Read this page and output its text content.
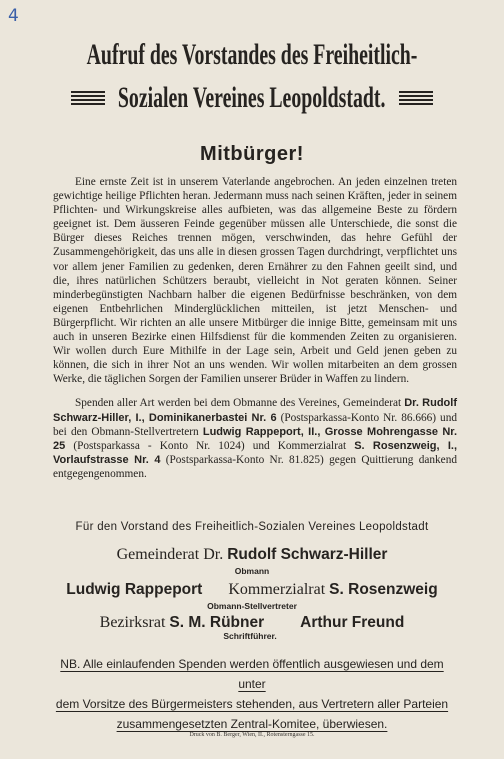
4
Aufruf des Vorstandes des Freiheitlich-
Sozialen Vereines Leopoldstadt.
Mitbürger!

Eine ernste Zeit ist in unserem Vaterlande angebrochen. An jeden einzelnen treten gewichtige heilige Pflichten heran. Jedermann muss nach seinen Kräften, jeder in seinem Pflichten- und Wirkungskreise alles aufbieten, was das allgemeine Beste zu fördern geeignet ist. Dem äusseren Feinde gegenüber müssen alle Unterschiede, die sonst die Bürger dieses Reiches trennen mögen, verschwinden, das hehre Gefühl der Zusammengehörigkeit, das uns alle in diesen grossen Tagen durchdringt, verpflichtet uns vor allem jener Familien zu gedenken, deren Ernährer zu den Fahnen geeilt sind, und die, ihres natürlichen Schützers beraubt, vielleicht in Not geraten können. Seiner minderbegünstigten Nachbarn halber die eigenen Bedürfnisse beschränken, von dem eigenen Entbehrlichen Minderglücklichen mitteilen, ist jetzt Menschen- und Bürgerpflicht. Wir richten an alle unsere Mitbürger die innige Bitte, gemeinsam mit uns auch in unseren Bezirke einen Hilfsdienst für die kommenden Zeiten zu organisieren. Wir wollen durch Eure Mithilfe in der Lage sein, Arbeit und Geld jenen geben zu können, die sich in ihrer Not an uns wenden. Wir wollen mitarbeiten an dem grossen Werke, die täglichen Sorgen der Familien unserer Brüder in Waffen zu lindern.

Spenden aller Art werden bei dem Obmanne des Vereines, Gemeinderat Dr. Rudolf Schwarz-Hiller, I., Dominikanerbastei Nr. 6 (Postsparkassa-Konto Nr. 86.666) und bei den Obmann-Stellvertretern Ludwig Rappeport, II., Grosse Mohrengasse Nr. 25 (Postsparkassa - Konto Nr. 1024) und Kommerzialrat S. Rosenzweig, I., Vorlaufstrasse Nr. 4 (Postsparkassa-Konto Nr. 81.825) gegen Quittierung dankend entgegengenommen.

Für den Vorstand des Freiheitlich-Sozialen Vereines Leopoldstadt
Gemeinderat Dr. Rudolf Schwarz-Hiller
Obmann
Ludwig Rappeport Kommerzialrat S. Rosenzweig
Obmann-Stellvertreter
Bezirksrat S. M. Rübner Arthur Freund
Schriftführer.
NB. Alle einlaufenden Spenden werden öffentlich ausgewiesen und dem unter
dem Vorsitze des Bürgermeisters stehenden, aus Vertretern aller Parteien
zusammengesetzten Zentral-Komitee, überwiesen.
Druck von B. Berger, Wien, II., Rotensterngasse 15.
